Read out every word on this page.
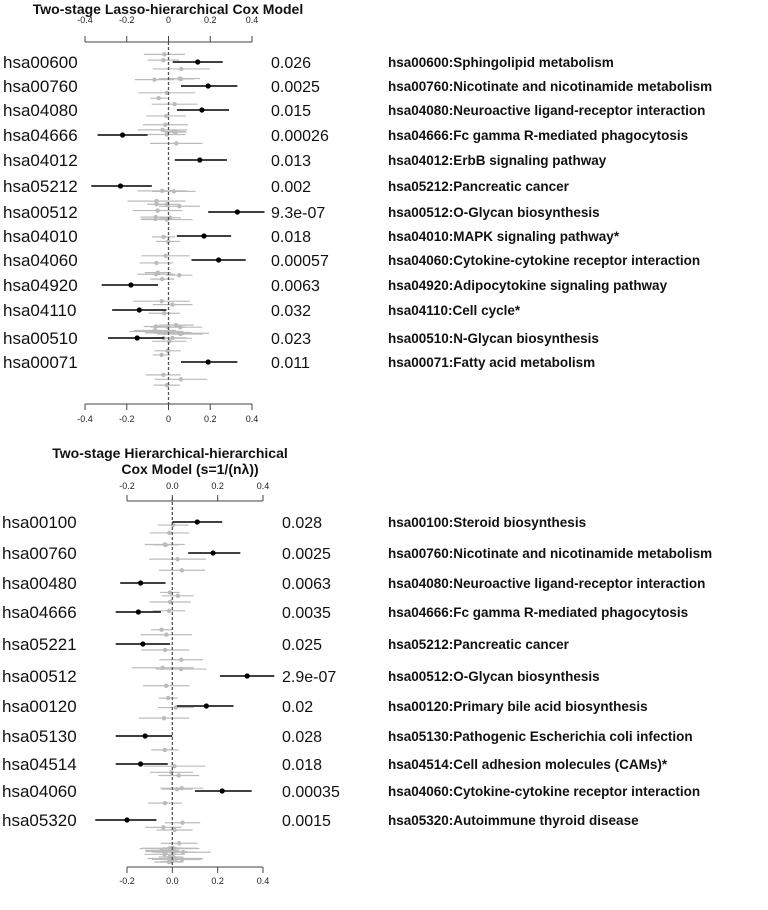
Two-stage Lasso-hierarchical Cox Model
-0.4	-0.2	0	0.2	0.4
hsa00600	0.026	hsa00600:Sphingolipid metabolism
hsa00760	0.0025	hsa00760:Nicotinate and nicotinamide metabolism
hsa04080	0.015	hsa04080:Neuroactive ligand-receptor interaction
hsa04666	0.00026	hsa04666:Fc gamma R-mediated phagocytosis
hsa04012	0.013	hsa04012:ErbB signaling pathway
hsa05212	0.002	hsa05212:Pancreatic cancer
hsa00512	9.3e-07	hsa00512:O-Glycan biosynthesis
hsa04010	0.018	hsa04010:MAPK signaling pathway*
hsa04060	0.00057	hsa04060:Cytokine-cytokine receptor interaction
hsa04920	0.0063	hsa04920:Adipocytokine signaling pathway
hsa04110	0.032	hsa04110:Cell cycle*
hsa00510	0.023	hsa00510:N-Glycan biosynthesis
hsa00071	0.011	hsa00071:Fatty acid metabolism
-0.4	-0.2	0	0.2	0.4
Two-stage Hierarchical-hierarchical
Cox Model (s=1/(nλ))
-0.2	0.0	0.2	0.4
hsa00100	0.028	hsa00100:Steroid biosynthesis
hsa00760	0.0025	hsa00760:Nicotinate and nicotinamide metabolism
hsa00480	0.0063	hsa04080:Neuroactive ligand-receptor interaction
hsa04666	0.0035	hsa04666:Fc gamma R-mediated phagocytosis
hsa05221	0.025	hsa05212:Pancreatic cancer
hsa00512	2.9e-07	hsa00512:O-Glycan biosynthesis
hsa00120	0.02	hsa00120:Primary bile acid biosynthesis
hsa05130	0.028	hsa05130:Pathogenic Escherichia coli infection
hsa04514	0.018	hsa04514:Cell adhesion molecules (CAMs)*
hsa04060	0.00035	hsa04060:Cytokine-cytokine receptor interaction
hsa05320	0.0015	hsa05320:Autoimmune thyroid disease
-0.2	0.0	0.2	0.4
